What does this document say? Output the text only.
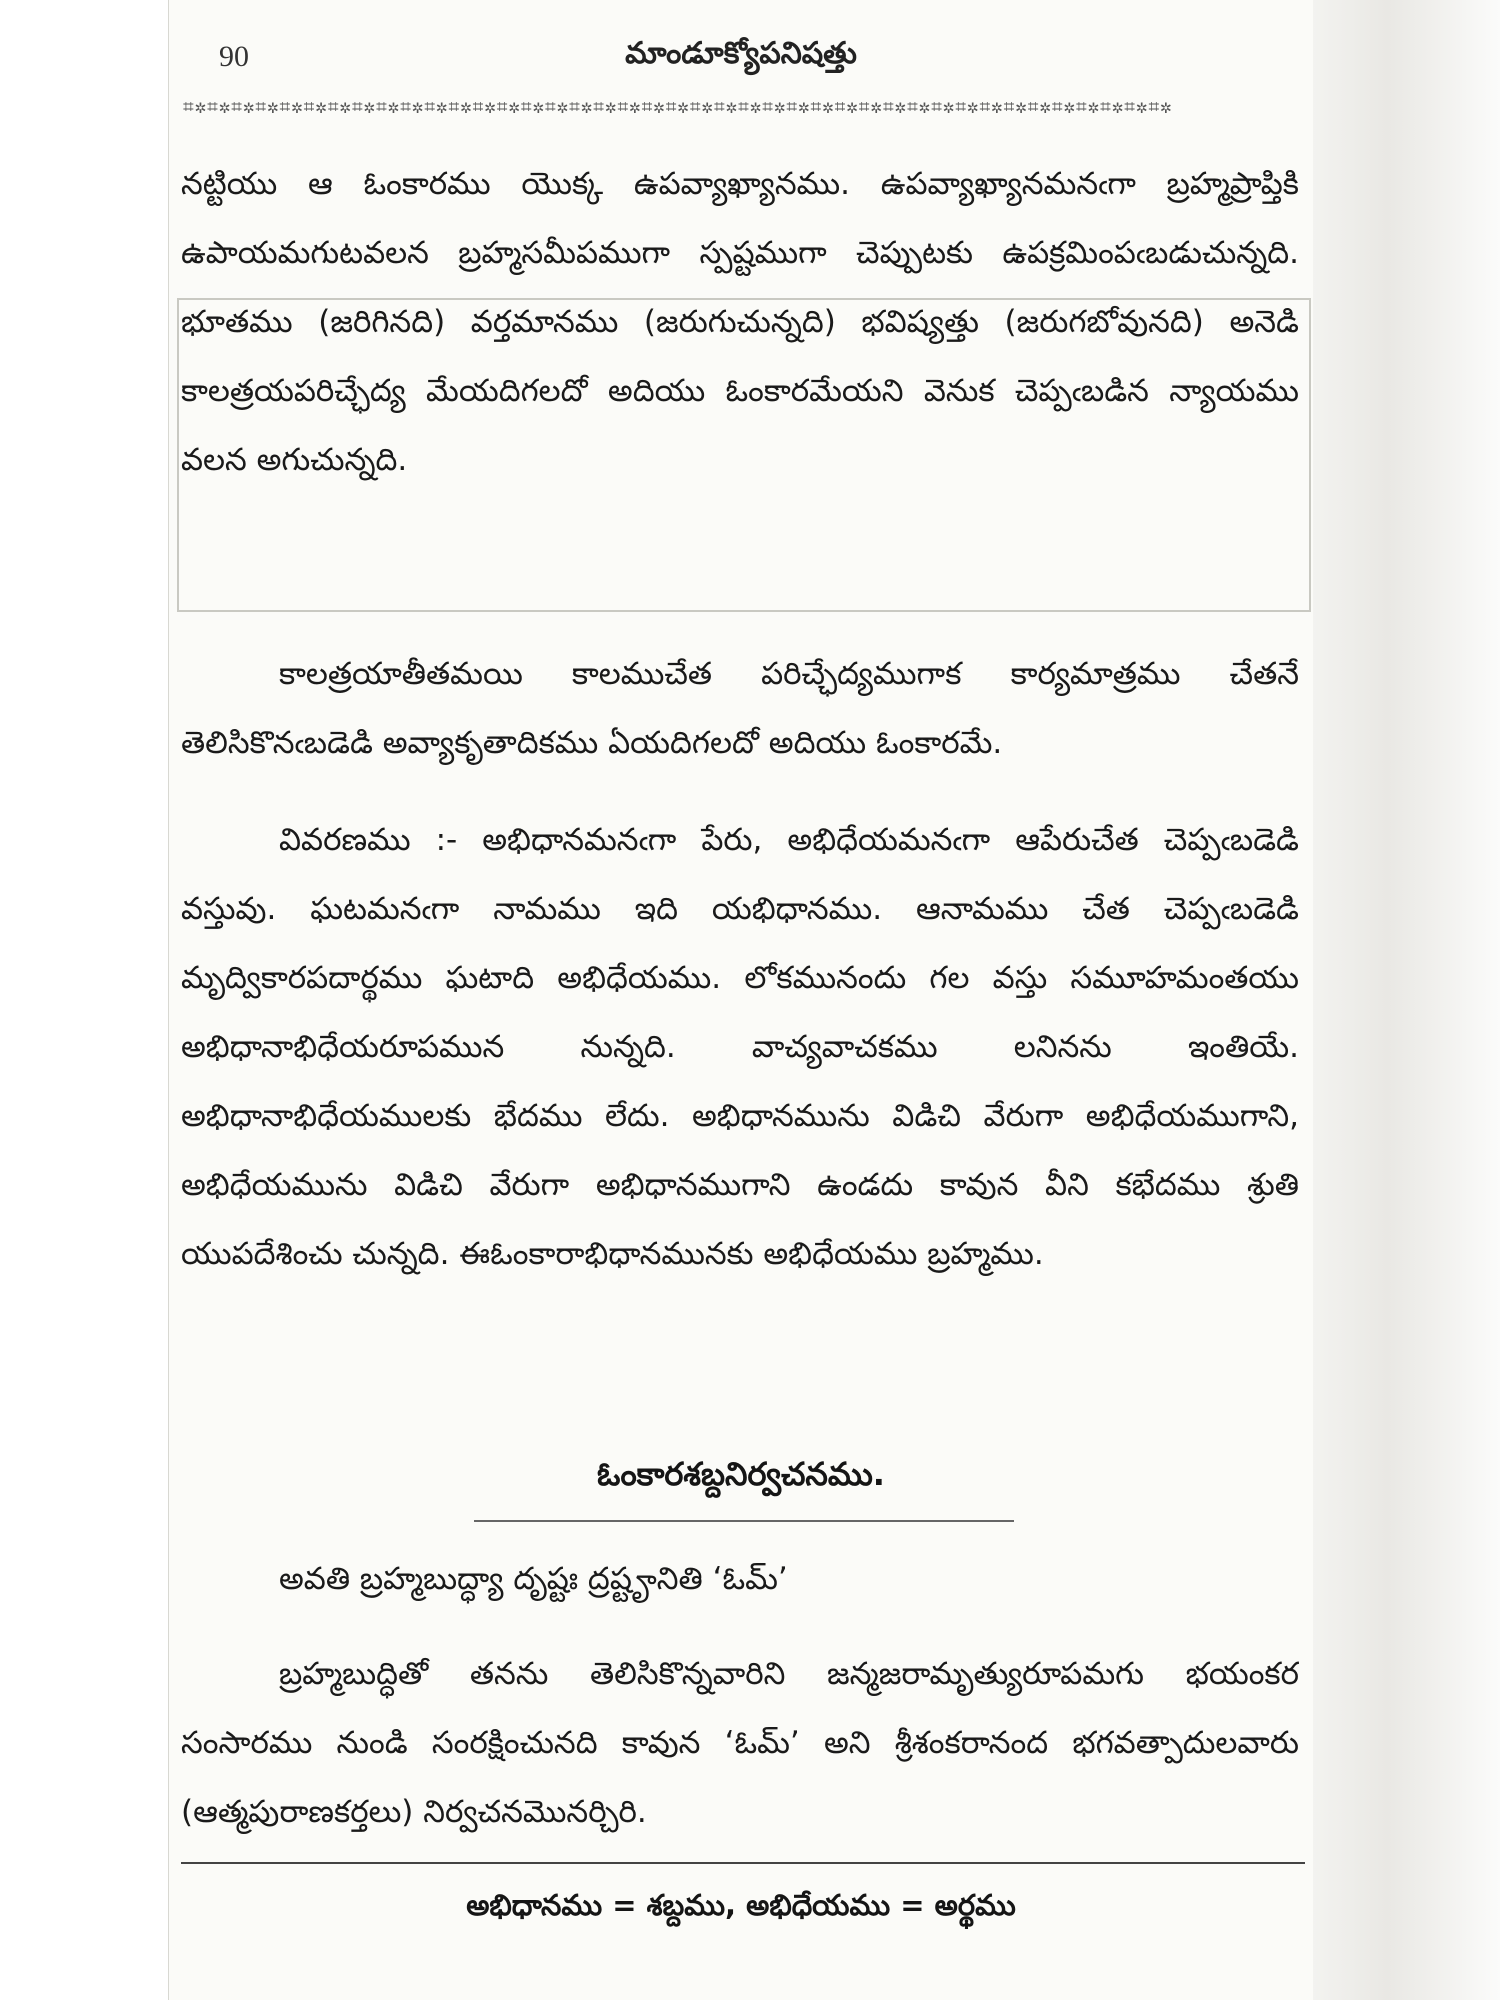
90	మాండూక్యోపనిషత్తు
⌗✲⌗✲⌗✲⌗✲⌗✲⌗✲⌗✲⌗✲⌗✲⌗✲⌗✲⌗✲⌗✲⌗✲⌗✲⌗✲⌗✲⌗✲⌗✲⌗✲⌗✲⌗✲⌗✲⌗✲⌗✲⌗✲⌗✲⌗✲⌗✲⌗✲⌗✲⌗✲⌗✲⌗✲⌗✲⌗✲⌗✲⌗✲⌗✲⌗✲⌗✲

నట్టియు ఆ ఓంకారము యొక్క ఉపవ్యాఖ్యానము. ఉపవ్యాఖ్యానమనఁగా బ్రహ్మప్రాప్తికి ఉపాయమగుటవలన బ్రహ్మసమీపముగా స్పష్టముగా చెప్పుటకు ఉపక్రమింపఁబడుచున్నది. భూతము (జరిగినది) వర్తమానము (జరుగుచున్నది) భవిష్యత్తు (జరుగబోవునది) అనెడి కాలత్రయపరిచ్ఛేద్య మేయదిగలదో అదియు ఓంకారమేయని వెనుక చెప్పఁబడిన న్యాయము వలన అగుచున్నది.

కాలత్రయాతీతమయి కాలముచేత పరిచ్ఛేద్యముగాక కార్యమాత్రము చేతనే తెలిసికొనఁబడెడి అవ్యాకృతాదికము ఏయదిగలదో అదియు ఓంకారమే.

వివరణము :- అభిధానమనఁగా పేరు, అభిధేయమనఁగా ఆపేరుచేత చెప్పఁబడెడి వస్తువు. ఘటమనఁగా నామము ఇది యభిధానము. ఆనామము చేత చెప్పఁబడెడి మృద్వికారపదార్థము ఘటాది అభిధేయము. లోకమునందు గల వస్తు సమూహమంతయు అభిధానాభిధేయరూపమున నున్నది. వాచ్యవాచకము లనినను ఇంతియే. అభిధానాభిధేయములకు భేదము లేదు. అభిధానమును విడిచి వేరుగా అభిధేయముగాని, అభిధేయమును విడిచి వేరుగా అభిధానముగాని ఉండదు కావున వీని కభేదము శ్రుతి యుపదేశించు చున్నది. ఈఓంకారాభిధానమునకు అభిధేయము బ్రహ్మము.

ఓంకారశబ్దనిర్వచనము.

అవతి బ్రహ్మబుద్ధ్యా దృష్టః ద్రష్టౄనితి ‘ఓమ్’

బ్రహ్మబుద్ధితో తనను తెలిసికొన్నవారిని జన్మజరామృత్యురూపమగు భయంకర సంసారము నుండి సంరక్షించునది కావున ‘ఓమ్’ అని శ్రీశంకరానంద భగవత్పాదులవారు (ఆత్మపురాణకర్తలు) నిర్వచనమొనర్చిరి.

అభిధానము = శబ్దము, అభిధేయము = అర్థము
